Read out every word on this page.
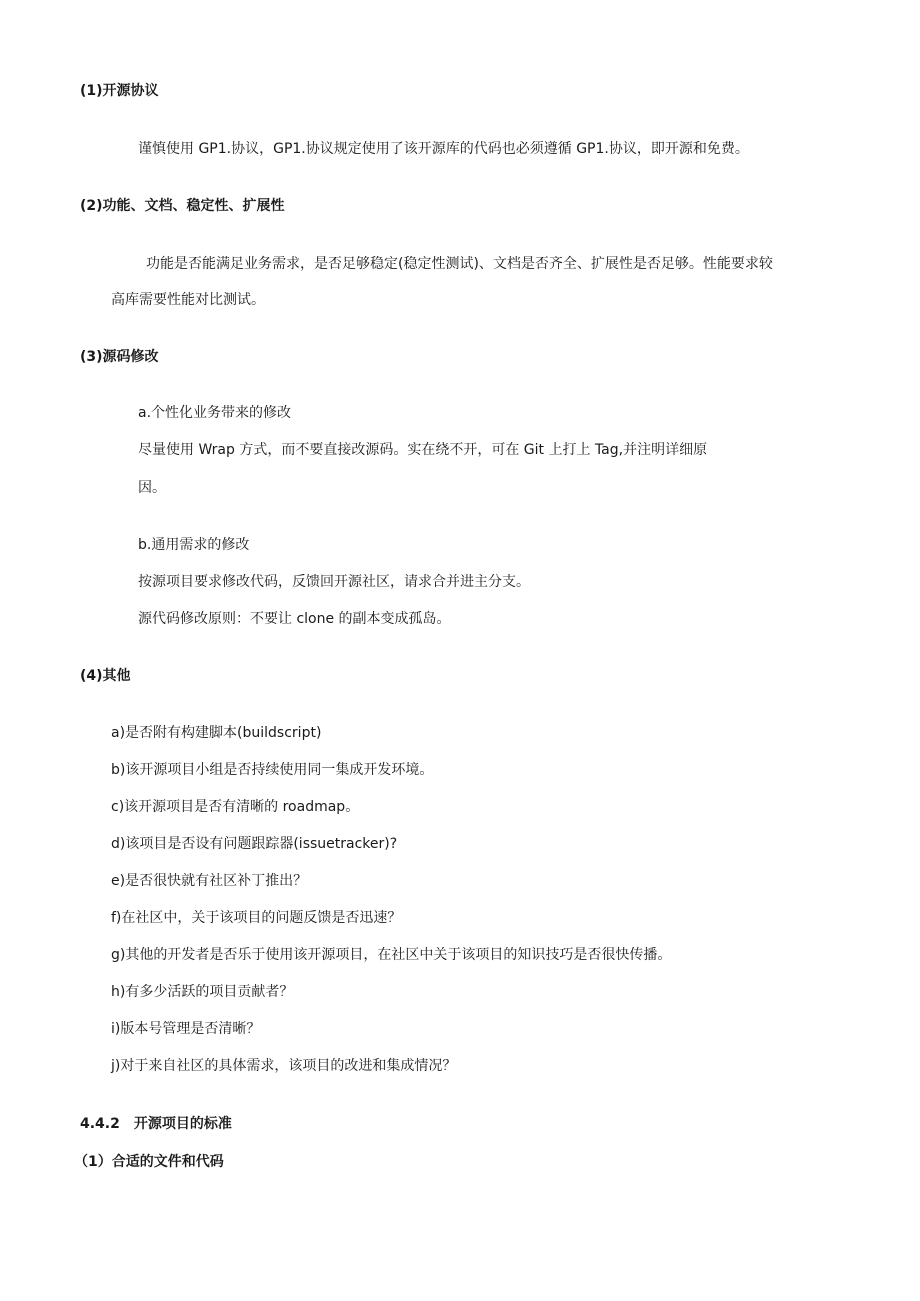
(1)开源协议
谨慎使用 GP1.协议，GP1.协议规定使用了该开源库的代码也必须遵循 GP1.协议，即开源和免费。
(2)功能、文档、稳定性、扩展性
功能是否能满足业务需求，是否足够稳定(稳定性测试)、文档是否齐全、扩展性是否足够。性能要求较
高库需要性能对比测试。
(3)源码修改
a.个性化业务带来的修改
尽量使用 Wrap 方式，而不要直接改源码。实在绕不开，可在 Git 上打上 Tag,并注明详细原
因。
b.通用需求的修改
按源项目要求修改代码，反馈回开源社区，请求合并进主分支。
源代码修改原则：不要让 clone 的副本变成孤岛。
(4)其他
a)是否附有构建脚本(buildscript)
b)该开源项目小组是否持续使用同一集成开发环境。
c)该开源项目是否有清晰的 roadmap。
d)该项目是否设有问题跟踪器(issuetracker)?
e)是否很快就有社区补丁推出？
f)在社区中，关于该项目的问题反馈是否迅速？
g)其他的开发者是否乐于使用该开源项目，在社区中关于该项目的知识技巧是否很快传播。
h)有多少活跃的项目贡献者？
i)版本号管理是否清晰？
j)对于来自社区的具体需求，该项目的改进和集成情况？
4.4.2　开源项目的标准
（1）合适的文件和代码
